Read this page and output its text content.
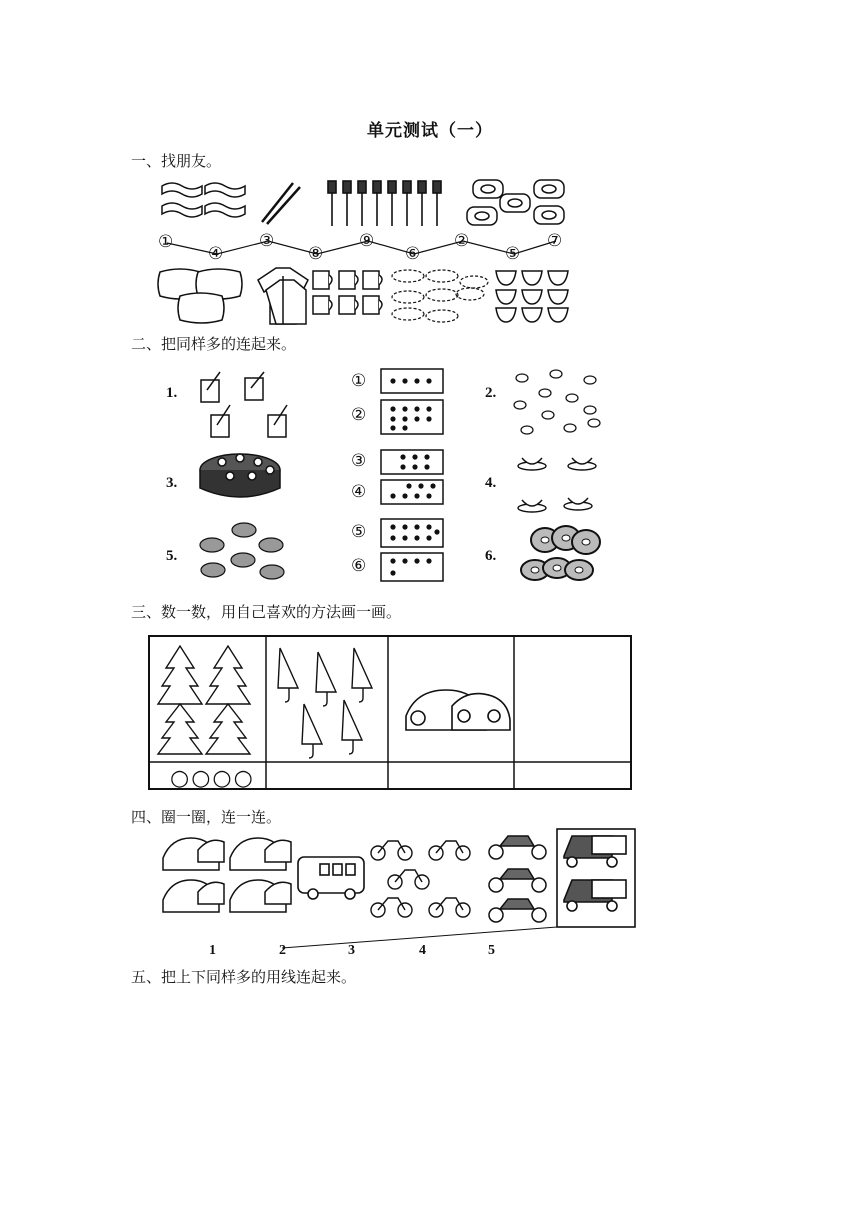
单元测试（一）
一、找朋友。
二、把同样多的连起来。
三、数一数，用自己喜欢的方法画一画。
四、圈一圈，连一连。
五、把上下同样多的用线连起来。
①
④
③
⑧
⑨
⑥
②
⑤
⑦
1.	2.
3.	4.
5.	6.
①
②
③
④
⑤
⑥
○○○○
1	2	3	4	5
